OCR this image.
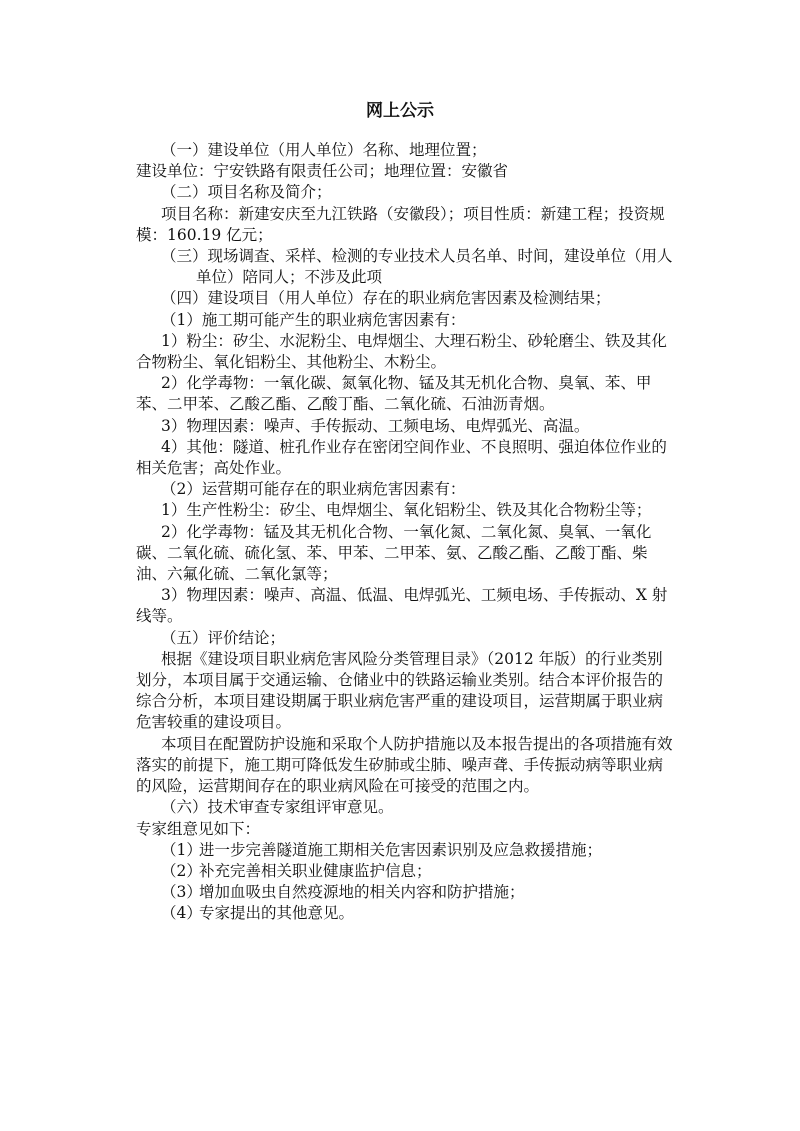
网上公示

（一）建设单位（用人单位）名称、地理位置；

建设单位：宁安铁路有限责任公司；地理位置：安徽省

（二）项目名称及简介；

项目名称：新建安庆至九江铁路（安徽段）；项目性质：新建工程；投资规模：160.19 亿元；

（三）现场调查、采样、检测的专业技术人员名单、时间，建设单位（用人单位）陪同人；不涉及此项

（四）建设项目（用人单位）存在的职业病危害因素及检测结果；

（1）施工期可能产生的职业病危害因素有：

1）粉尘：矽尘、水泥粉尘、电焊烟尘、大理石粉尘、砂轮磨尘、铁及其化合物粉尘、氧化铝粉尘、其他粉尘、木粉尘。

2）化学毒物：一氧化碳、氮氧化物、锰及其无机化合物、臭氧、苯、甲苯、二甲苯、乙酸乙酯、乙酸丁酯、二氧化硫、石油沥青烟。

3）物理因素：噪声、手传振动、工频电场、电焊弧光、高温。

4）其他：隧道、桩孔作业存在密闭空间作业、不良照明、强迫体位作业的相关危害；高处作业。

（2）运营期可能存在的职业病危害因素有：

1）生产性粉尘：矽尘、电焊烟尘、氧化铝粉尘、铁及其化合物粉尘等；

2）化学毒物：锰及其无机化合物、一氧化氮、二氧化氮、臭氧、一氧化碳、二氧化硫、硫化氢、苯、甲苯、二甲苯、氨、乙酸乙酯、乙酸丁酯、柴油、六氟化硫、二氧化氯等；

3）物理因素：噪声、高温、低温、电焊弧光、工频电场、手传振动、X 射线等。

（五）评价结论；

根据《建设项目职业病危害风险分类管理目录》（2012 年版）的行业类别划分，本项目属于交通运输、仓储业中的铁路运输业类别。结合本评价报告的综合分析，本项目建设期属于职业病危害严重的建设项目，运营期属于职业病危害较重的建设项目。

本项目在配置防护设施和采取个人防护措施以及本报告提出的各项措施有效落实的前提下，施工期可降低发生矽肺或尘肺、噪声聋、手传振动病等职业病的风险，运营期间存在的职业病风险在可接受的范围之内。

（六）技术审查专家组评审意见。

专家组意见如下：

（1）进一步完善隧道施工期相关危害因素识别及应急救援措施；
（2）补充完善相关职业健康监护信息；
（3）增加血吸虫自然疫源地的相关内容和防护措施；
（4）专家提出的其他意见。
